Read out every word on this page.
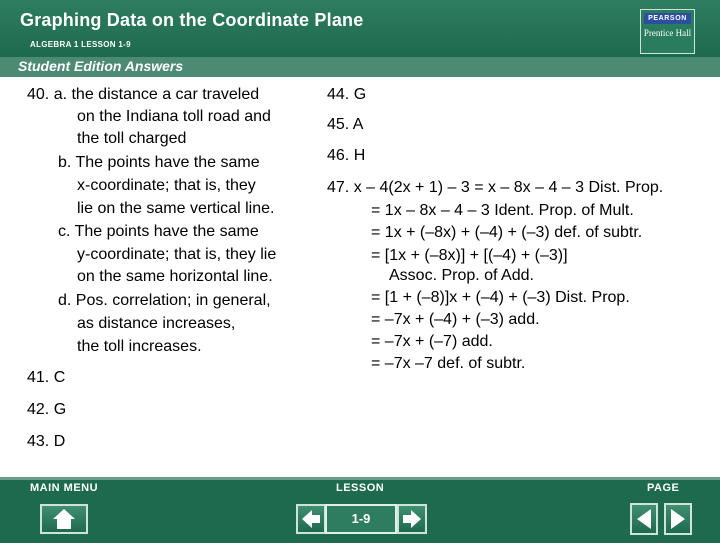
Graphing Data on the Coordinate Plane
ALGEBRA 1 LESSON 1-9
PEARSON
Prentice Hall
Student Edition Answers
40. a. the distance a car traveled
on the Indiana toll road and
the toll charged
b. The points have the same
x-coordinate; that is, they
lie on the same vertical line.
c. The points have the same
y-coordinate; that is, they lie
on the same horizontal line.
d. Pos. correlation; in general,
as distance increases,
the toll increases.
41. C
42. G
43. D
44. G
45. A
46. H
47. x – 4(2x + 1) – 3 = x – 8x – 4 – 3 Dist. Prop.
= 1x – 8x – 4 – 3 Ident. Prop. of Mult.
= 1x + (–8x) + (–4) + (–3) def. of subtr.
= [1x + (–8x)] + [(–4) + (–3)]
Assoc. Prop. of Add.
= [1 + (–8)]x + (–4) + (–3) Dist. Prop.
= –7x + (–4) + (–3) add.
= –7x + (–7) add.
= –7x –7 def. of subtr.
MAIN MENU	LESSON	PAGE
1-9
